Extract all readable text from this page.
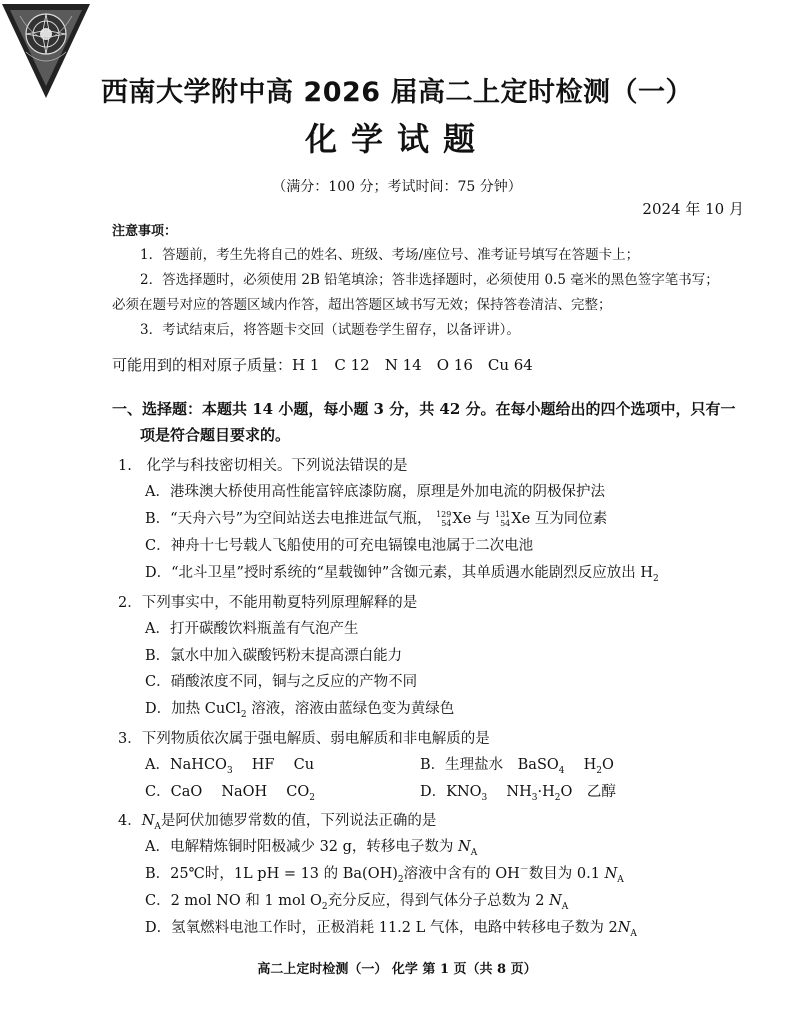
西南大学附中高 2026 届高二上定时检测（一）
化学试题
（满分：100 分；考试时间：75 分钟）
2024 年 10 月
注意事项：
1．答题前，考生先将自己的姓名、班级、考场/座位号、准考证号填写在答题卡上；
2．答选择题时，必须使用 2B 铅笔填涂；答非选择题时，必须使用 0.5 毫米的黑色签字笔书写；
必须在题号对应的答题区域内作答，超出答题区域书写无效；保持答卷清洁、完整；
3．考试结束后，将答题卡交回（试题卷学生留存，以备评讲）。
可能用到的相对原子质量：H 1　C 12　N 14　O 16　Cu 64
一、选择题：本题共 14 小题，每小题 3 分，共 42 分。在每小题给出的四个选项中，只有一
项是符合题目要求的。
1. 化学与科技密切相关。下列说法错误的是
A．港珠澳大桥使用高性能富锌底漆防腐，原理是外加电流的阴极保护法
B．“天舟六号”为空间站送去电推进氙气瓶， 129
54 Xe 与 131
54 Xe 互为同位素
C．神舟十七号载人飞船使用的可充电镉镍电池属于二次电池
D．“北斗卫星”授时系统的“星载铷钟”含铷元素，其单质遇水能剧烈反应放出 $H_2$
2．下列事实中，不能用勒夏特列原理解释的是
A．打开碳酸饮料瓶盖有气泡产生
B．氯水中加入碳酸钙粉末提高漂白能力
C．硝酸浓度不同，铜与之反应的产物不同
D．加热 CuCl$_2$ 溶液，溶液由蓝绿色变为黄绿色
3．下列物质依次属于强电解质、弱电解质和非电解质的是
A．NaHCO$_3$　 HF　 Cu	B．生理盐水　BaSO$_4$　 $H_2O$
C．CaO　 NaOH　 $CO_2$	D．$KNO_3$　 $NH_3\cdot H_2O$　乙醇
4．$N_A$是阿伏加德罗常数的值，下列说法正确的是
A．电解精炼铜时阳极减少 32 g，转移电子数为 $N_A$
B．25℃时，1L pH = 13 的 $Ba(OH)_2$溶液中含有的 OH－数目为 0.1 $N_A$
C．2 mol NO 和 1 mol $O_2$充分反应，得到气体分子总数为 2 $N_A$
D．氢氧燃料电池工作时，正极消耗 11.2 L 气体，电路中转移电子数为 $2N_A$
高二上定时检测（一） 化学 第 1 页（共 8 页）
